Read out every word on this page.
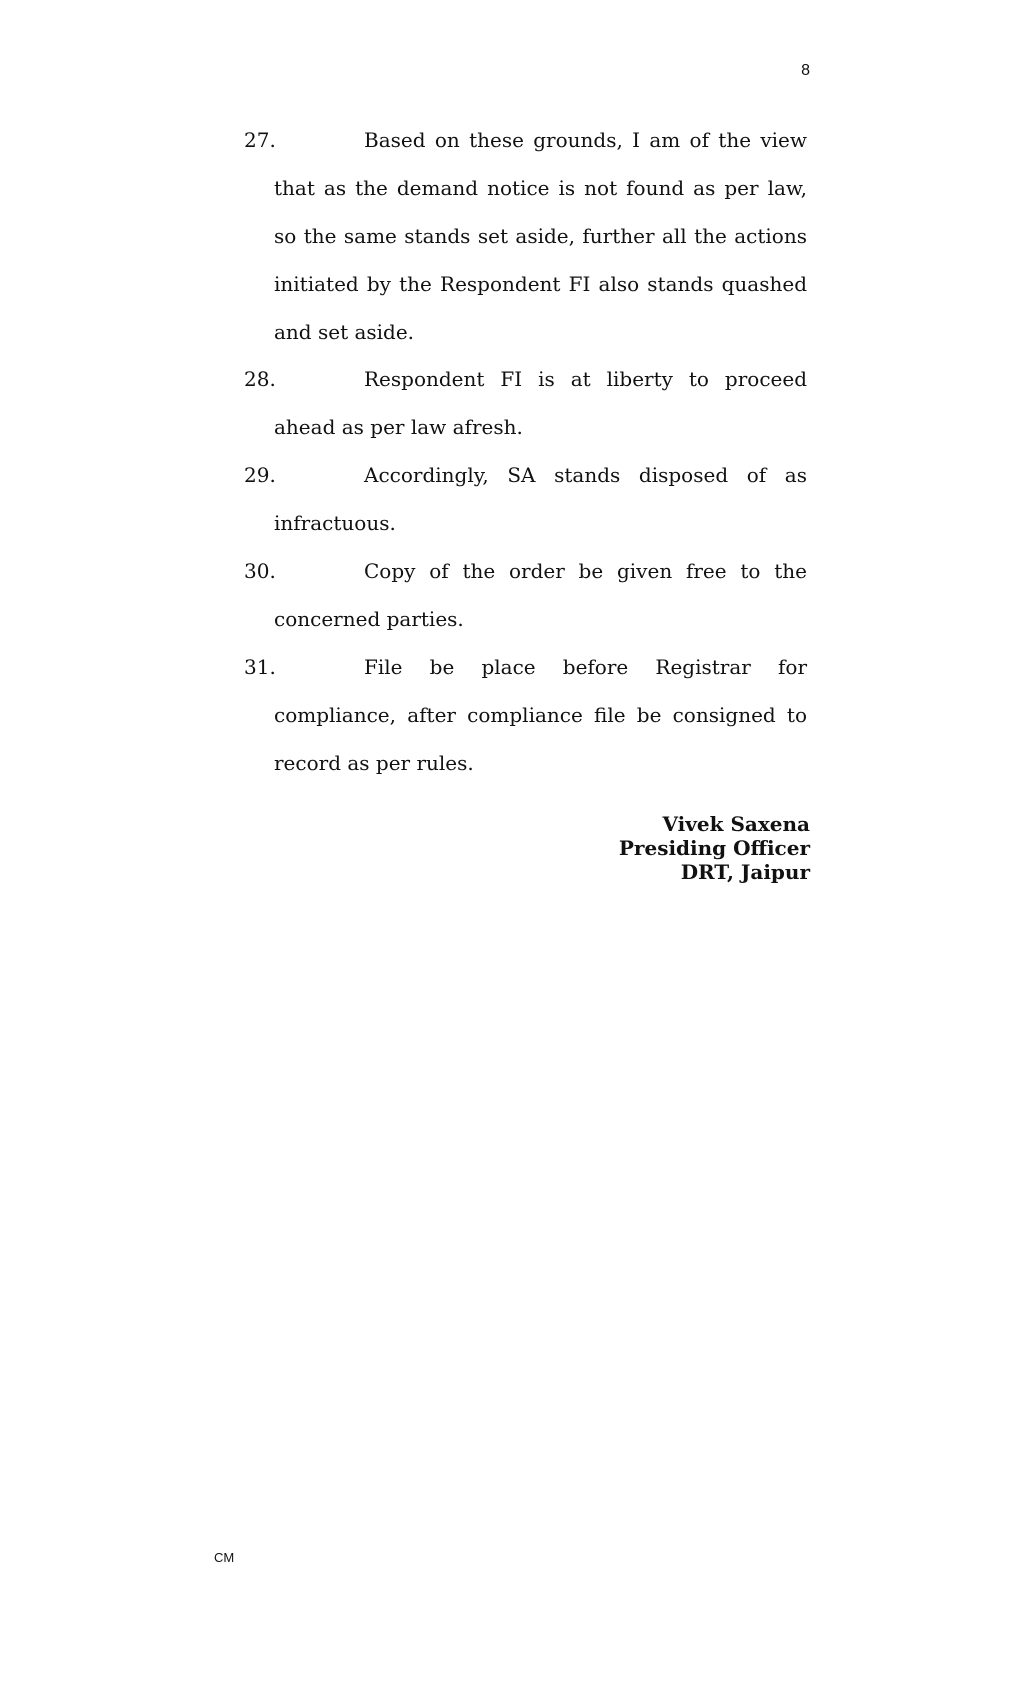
8
27.	Based on these grounds, I am of the view that as the demand notice is not found as per law, so the same stands set aside, further all the actions initiated by the Respondent FI also stands quashed and set aside.
28.	Respondent FI is at liberty to proceed ahead as per law afresh.
29.	Accordingly, SA stands disposed of as infractuous.
30.	Copy of the order be given free to the concerned parties.
31.	File be place before Registrar for compliance, after compliance file be consigned to record as per rules.
Vivek Saxena
Presiding Officer
DRT, Jaipur
CM
